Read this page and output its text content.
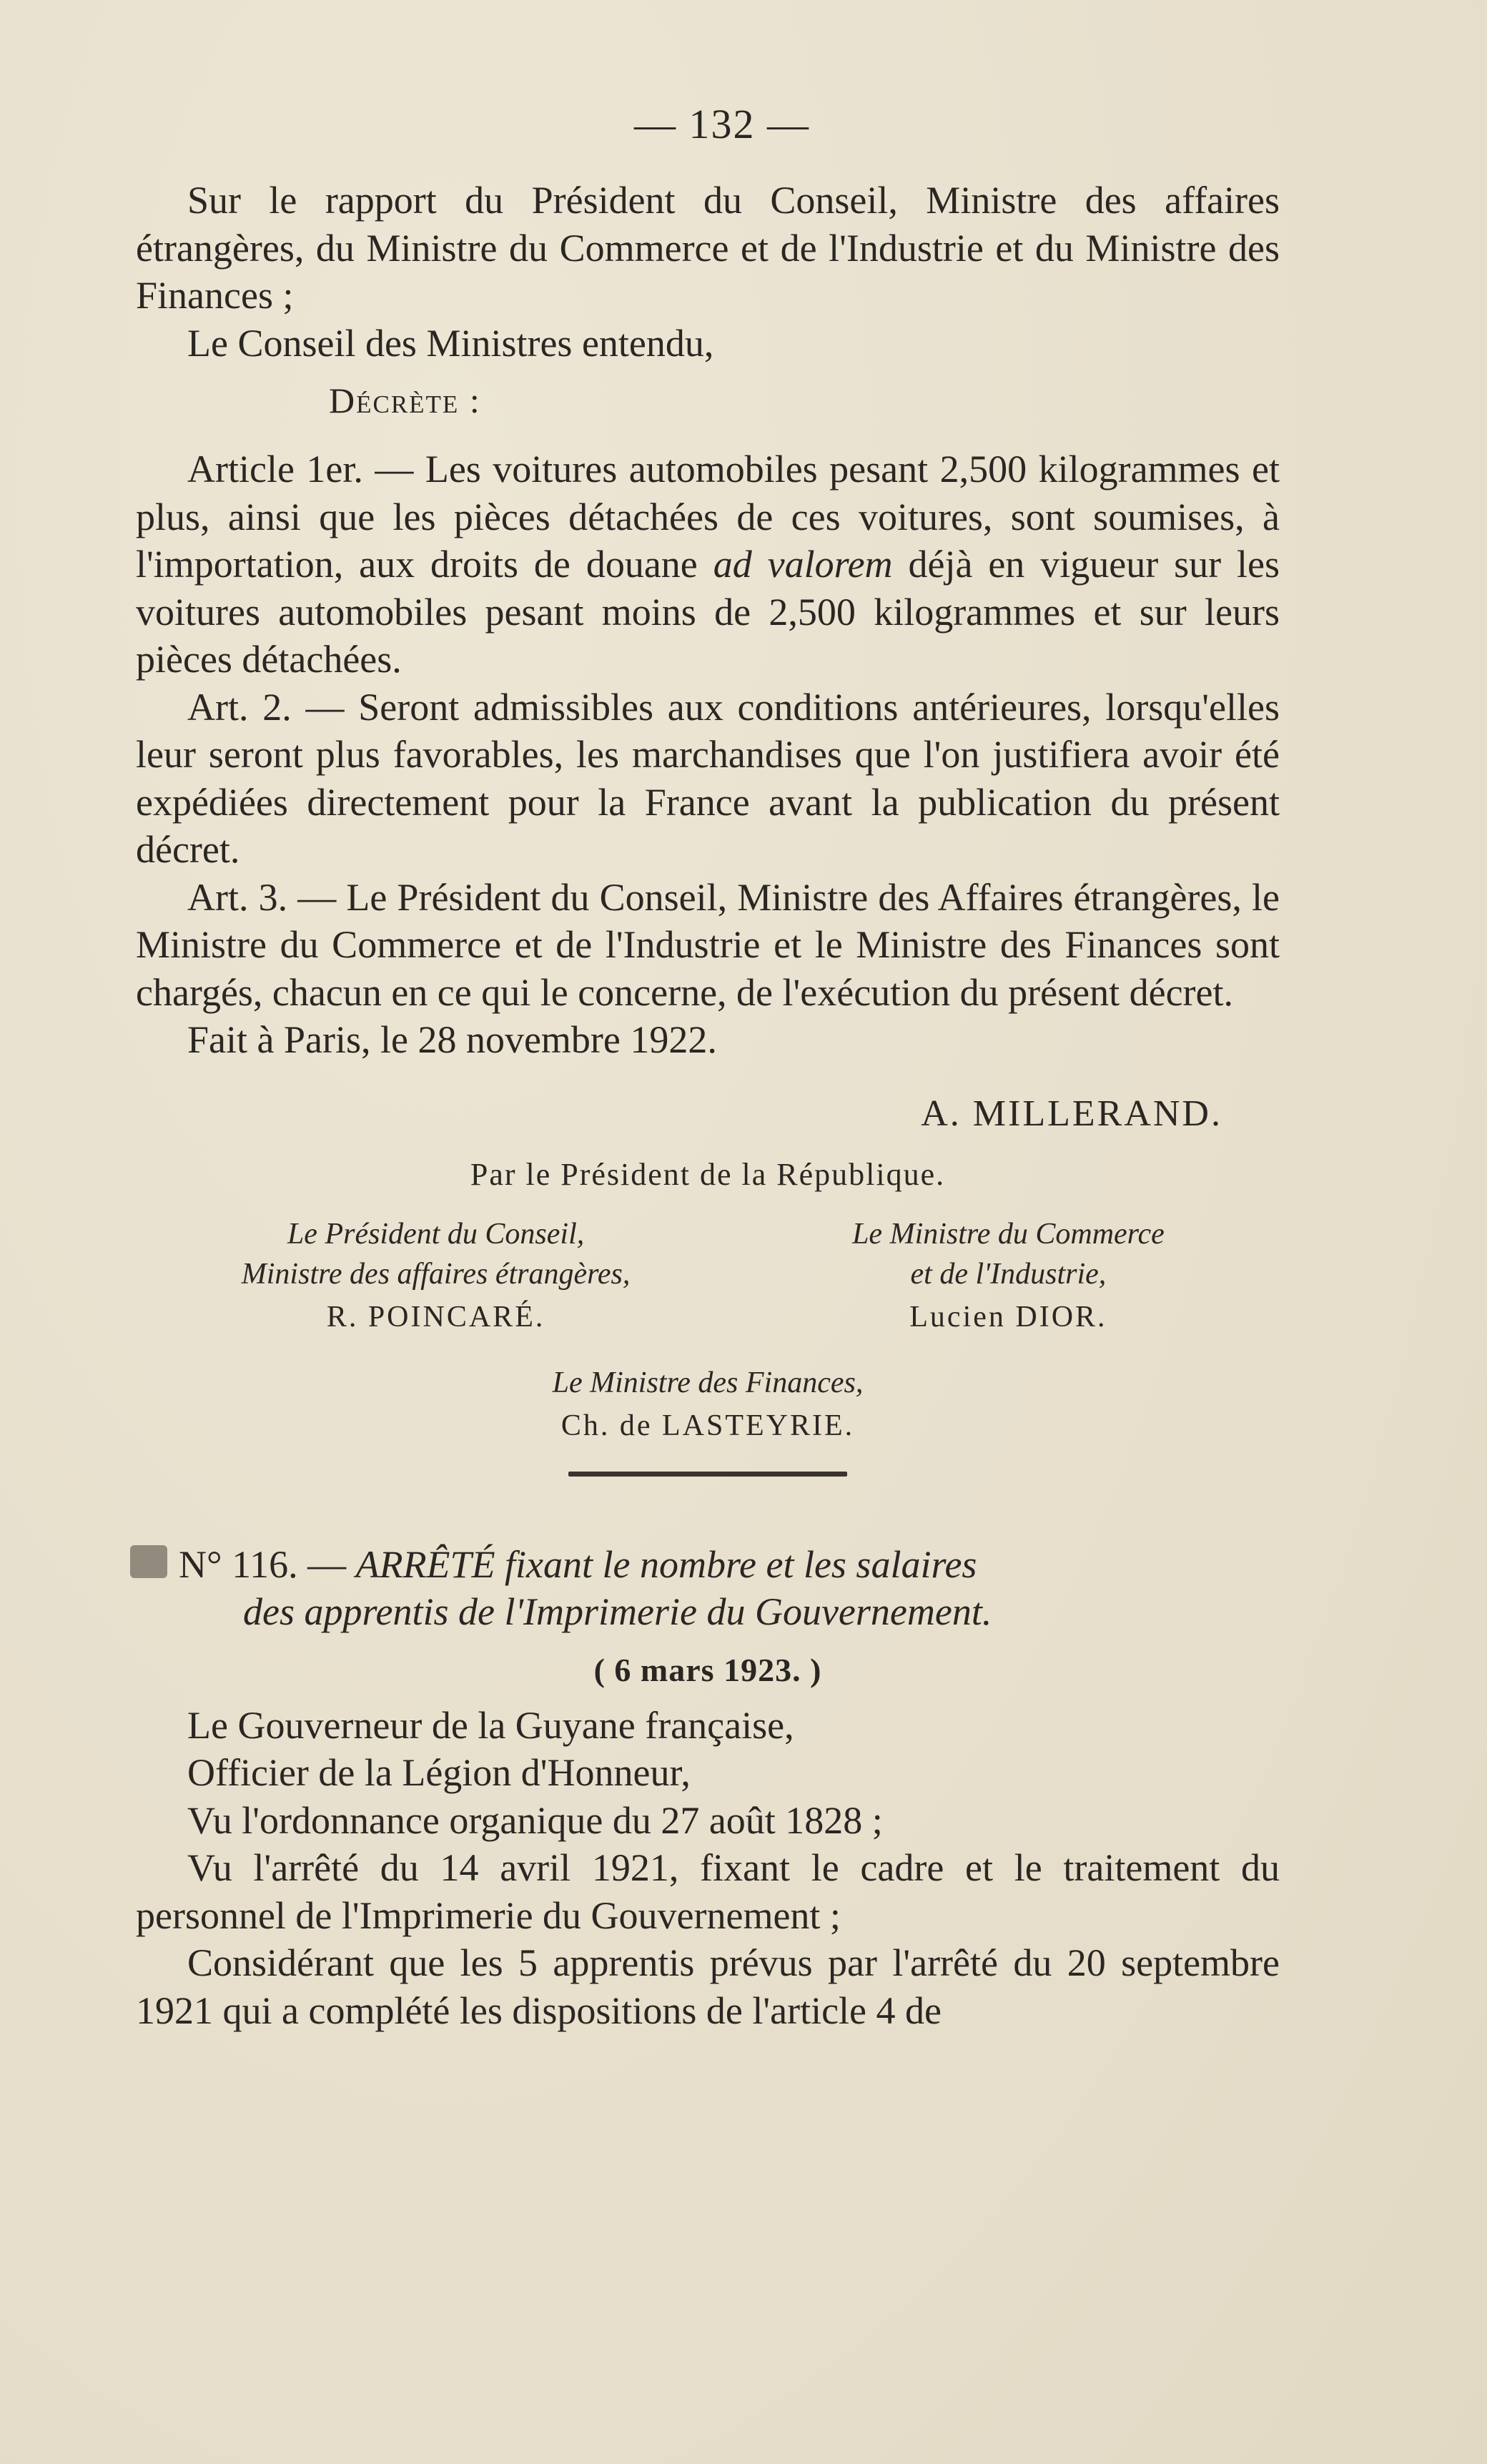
— 132 —

Sur le rapport du Président du Conseil, Ministre des affaires étrangères, du Ministre du Commerce et de l'Industrie et du Ministre des Finances ;

Le Conseil des Ministres entendu,

Décrète :

Article 1er. — Les voitures automobiles pesant 2,500 kilogrammes et plus, ainsi que les pièces détachées de ces voitures, sont soumises, à l'importation, aux droits de douane ad valorem déjà en vigueur sur les voitures automobiles pesant moins de 2,500 kilogrammes et sur leurs pièces détachées.

Art. 2. — Seront admissibles aux conditions antérieures, lorsqu'elles leur seront plus favorables, les marchandises que l'on justifiera avoir été expédiées directement pour la France avant la publication du présent décret.

Art. 3. — Le Président du Conseil, Ministre des Affaires étrangères, le Ministre du Commerce et de l'Industrie et le Ministre des Finances sont chargés, chacun en ce qui le concerne, de l'exécution du présent décret.

Fait à Paris, le 28 novembre 1922.

A. MILLERAND.
Par le Président de la République.
Le Président du Conseil,
Ministre des affaires étrangères,
R. POINCARÉ.
Le Ministre du Commerce
et de l'Industrie,
Lucien DIOR.
Le Ministre des Finances,
Ch. de LASTEYRIE.
N° 116. — ARRÊTÉ fixant le nombre et les salaires
des apprentis de l'Imprimerie du Gouvernement.
( 6 mars 1923. )

Le Gouverneur de la Guyane française,

Officier de la Légion d'Honneur,

Vu l'ordonnance organique du 27 août 1828 ;

Vu l'arrêté du 14 avril 1921, fixant le cadre et le traitement du personnel de l'Imprimerie du Gouvernement ;

Considérant que les 5 apprentis prévus par l'arrêté du 20 septembre 1921 qui a complété les dispositions de l'article 4 de
